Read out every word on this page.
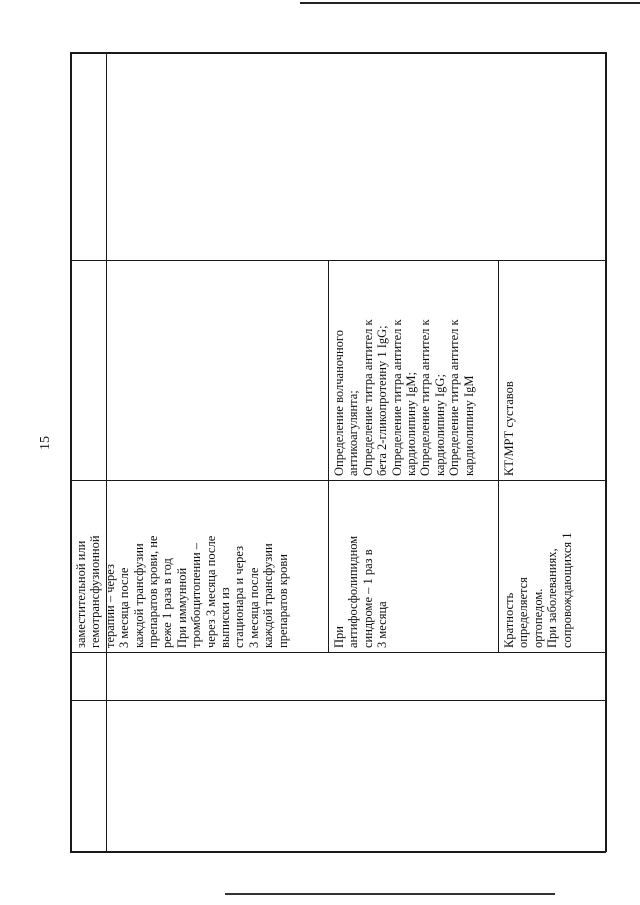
15
заместительной или гемотрансфузионной терапии – через 3 месяца после каждой трансфузии препаратов крови, не реже 1 раза в год При иммунной тромбоцитопении – через 3 месяца после выписки из стационара и через 3 месяца после каждой трансфузии препаратов крови	При антифосфолипидном синдроме – 1 раз в 3 месяца
Определение волчаночного антикоагулянта; Определение титра антител к бета 2-гликопротеину 1 IgG; Определение титра антител к кардиолипину IgM; Определение титра антител к кардиолипину IgG; Определение титра антител к кардиолипину IgM
Кратность определяется ортопедом. При заболеваниях, сопровождающихся 1
КТ/МРТ суставов
